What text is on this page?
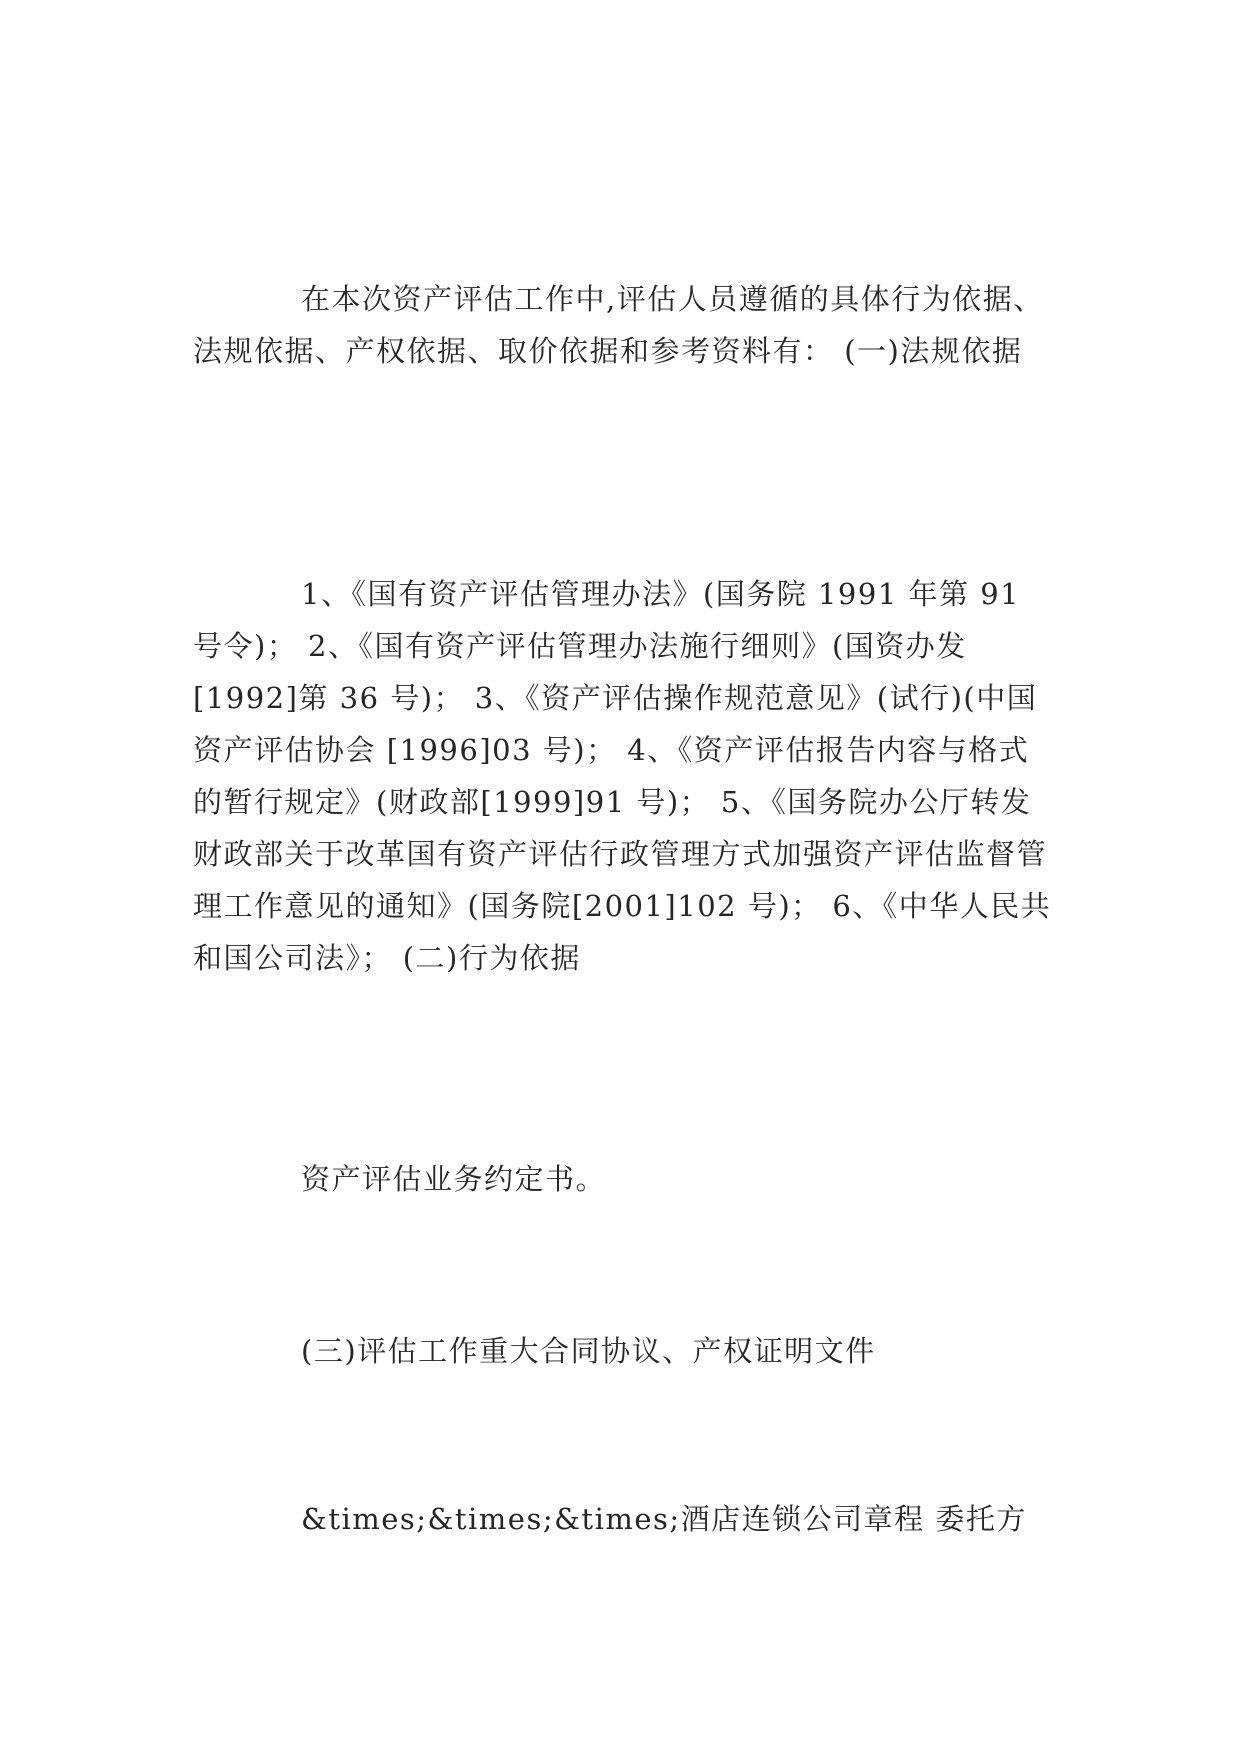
在本次资产评估工作中,评估人员遵循的具体行为依据、法规依据、产权依据、取价依据和参考资料有： (一)法规依据

1、《国有资产评估管理办法》(国务院 1991 年第 91 号令)； 2、《国有资产评估管理办法施行细则》(国资办发[1992]第 36 号)； 3、《资产评估操作规范意见》(试行)(中国资产评估协会 [1996]03 号)； 4、《资产评估报告内容与格式的暂行规定》(财政部[1999]91 号)； 5、《国务院办公厅转发财政部关于改革国有资产评估行政管理方式加强资产评估监督管理工作意见的通知》(国务院[2001]102 号)； 6、《中华人民共和国公司法》； (二)行为依据

资产评估业务约定书。

(三)评估工作重大合同协议、产权证明文件

&times;&times;&times;酒店连锁公司章程 委托方
